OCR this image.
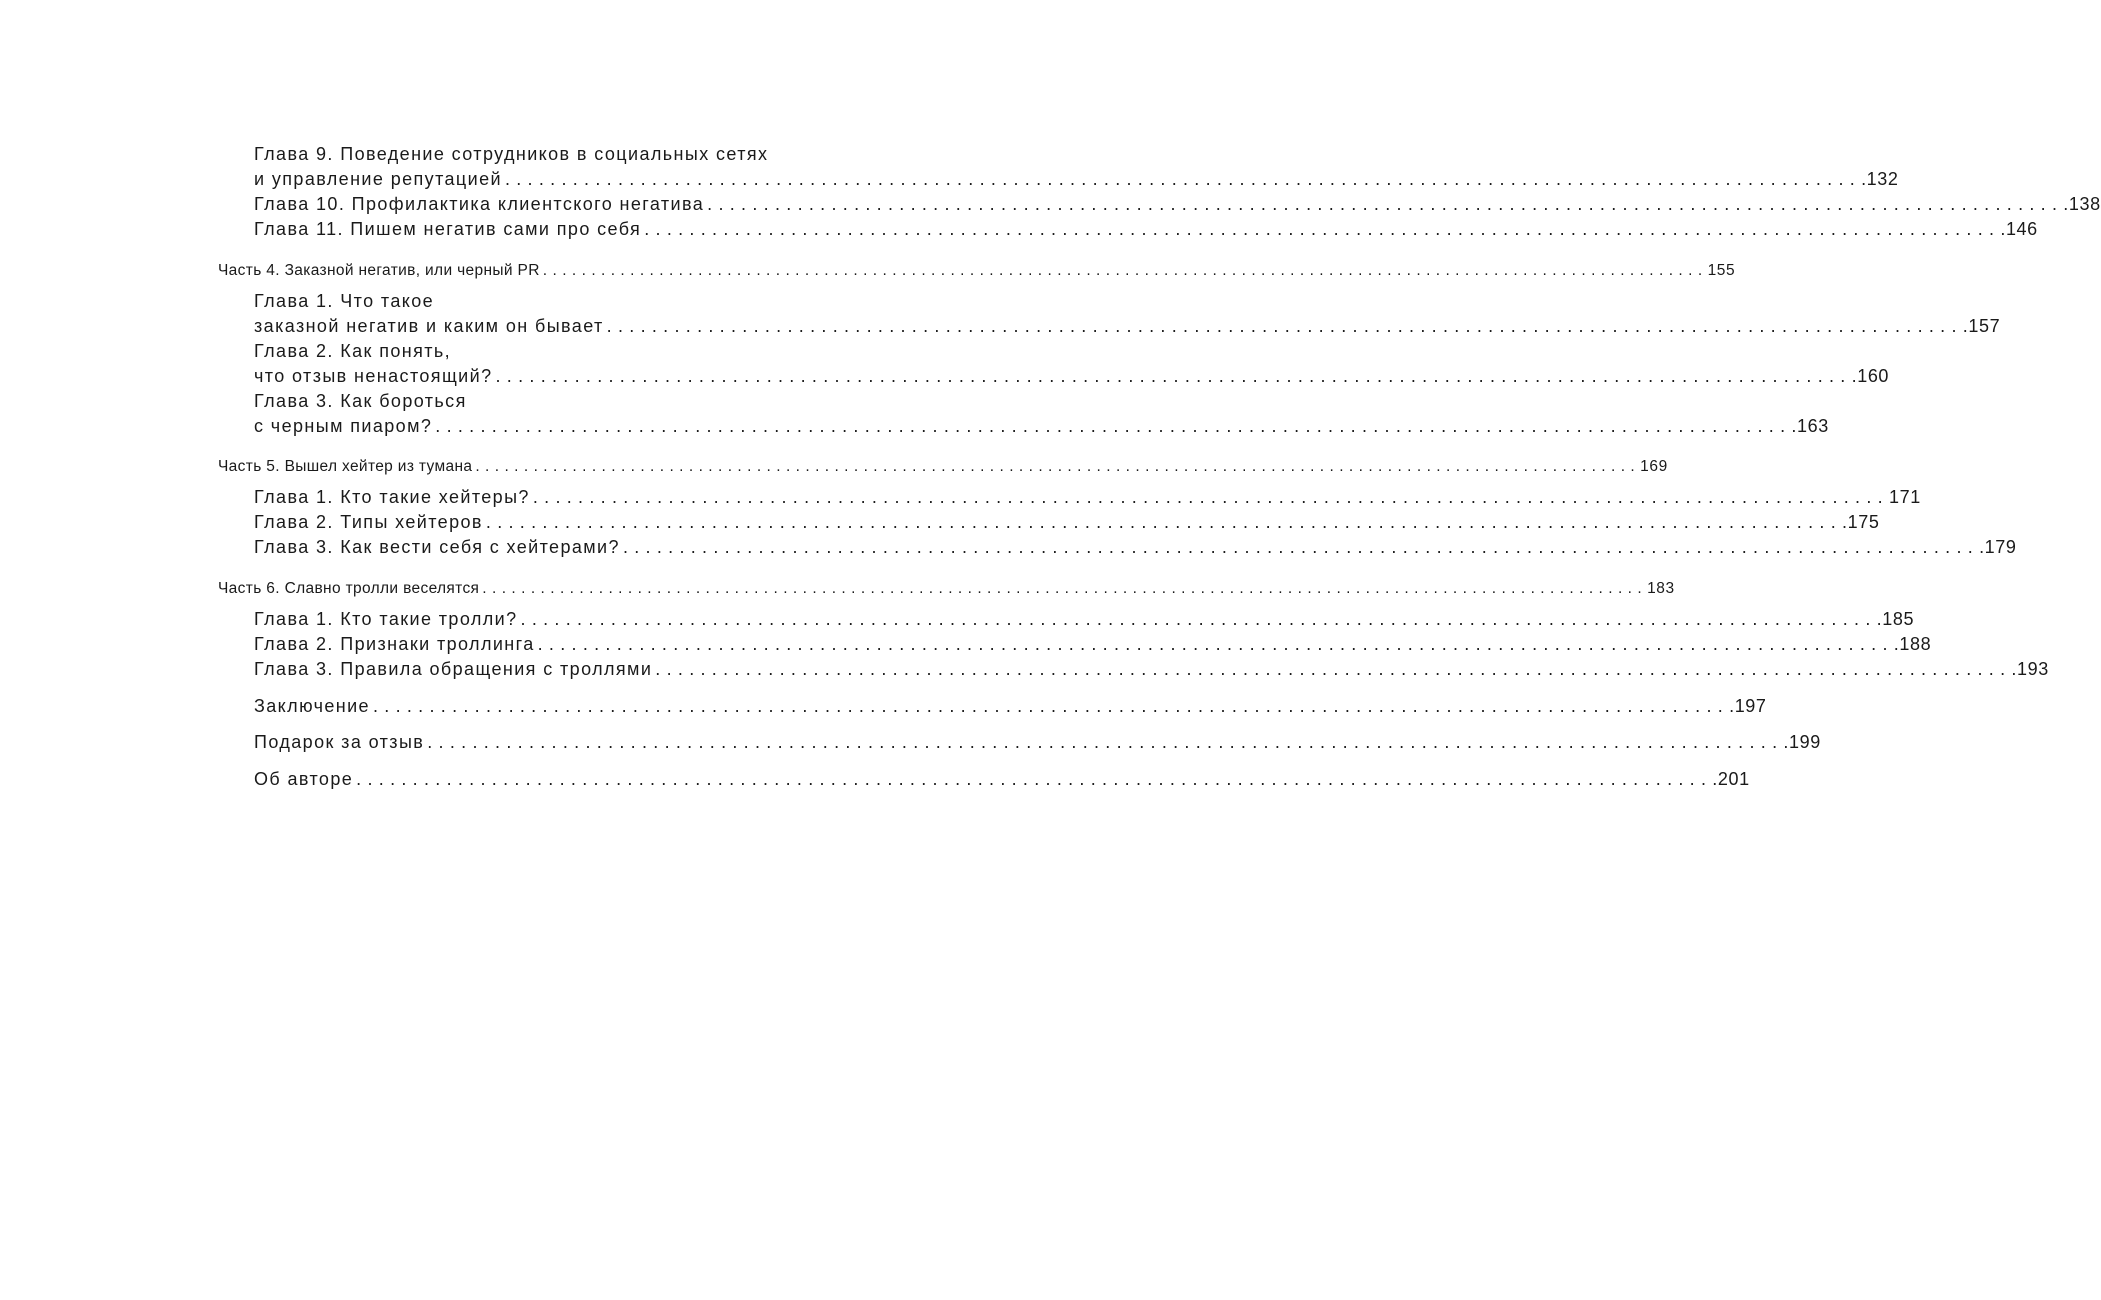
Глава 9. Поведение сотрудников в социальных сетях
и управление репутацией ........................................................................................................................ .132
Глава 10. Профилактика клиентского негатива ........................................................................................................................ .138
Глава 11. Пишем негатив сами про себя ........................................................................................................................ .146
Часть 4. Заказной негатив, или черный PR ........................................................................................................................ 155
Глава 1. Что такое
заказной негатив и каким он бывает ........................................................................................................................ .157
Глава 2. Как понять,
что отзыв ненастоящий? ........................................................................................................................ .160
Глава 3. Как бороться
с черным пиаром? ........................................................................................................................ .163
Часть 5. Вышел хейтер из тумана ........................................................................................................................ 169
Глава 1. Кто такие хейтеры? ........................................................................................................................ 171
Глава 2. Типы хейтеров ........................................................................................................................ .175
Глава 3. Как вести себя с хейтерами? ........................................................................................................................ .179
Часть 6. Славно тролли веселятся ........................................................................................................................ 183
Глава 1. Кто такие тролли? ........................................................................................................................ .185
Глава 2. Признаки троллинга ........................................................................................................................ .188
Глава 3. Правила обращения с троллями ........................................................................................................................ .193
Заключение ........................................................................................................................ .197
Подарок за отзыв ........................................................................................................................ .199
Об авторе ........................................................................................................................ .201
